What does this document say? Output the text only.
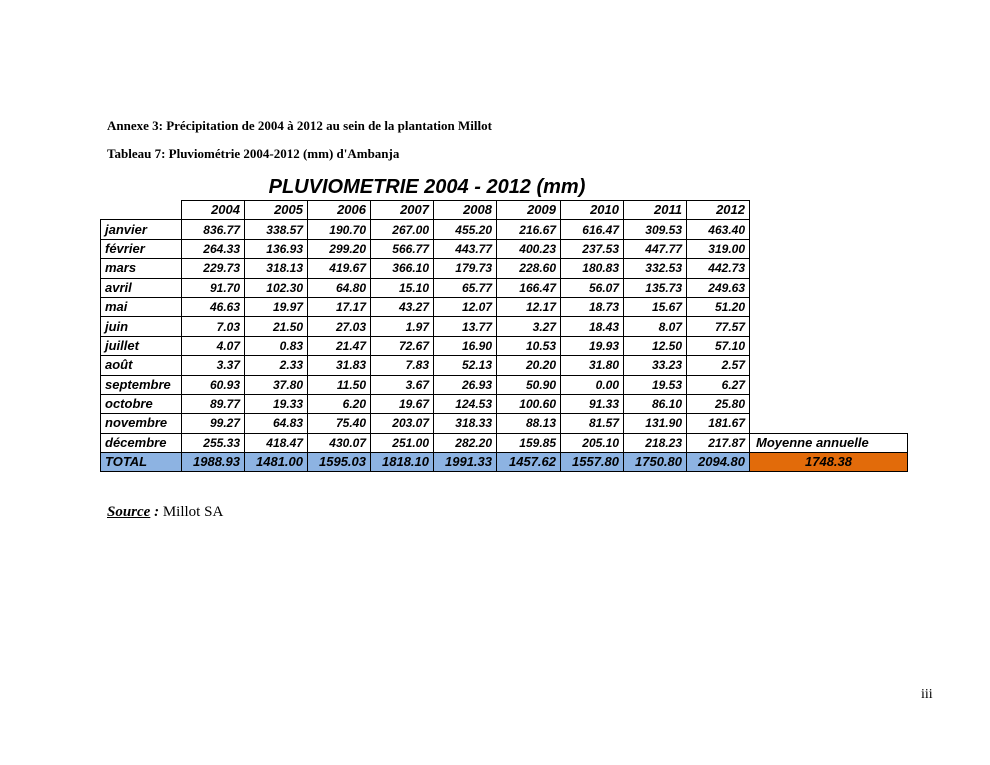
Annexe 3: Précipitation de 2004 à 2012 au sein de la plantation Millot
Tableau 7: Pluviométrie 2004-2012 (mm) d'Ambanja
PLUVIOMETRIE 2004 - 2012 (mm)
	2004	2005	2006	2007	2008	2009	2010	2011	2012	
janvier	836.77	338.57	190.70	267.00	455.20	216.67	616.47	309.53	463.40	
février	264.33	136.93	299.20	566.77	443.77	400.23	237.53	447.77	319.00	
mars	229.73	318.13	419.67	366.10	179.73	228.60	180.83	332.53	442.73	
avril	91.70	102.30	64.80	15.10	65.77	166.47	56.07	135.73	249.63	
mai	46.63	19.97	17.17	43.27	12.07	12.17	18.73	15.67	51.20	
juin	7.03	21.50	27.03	1.97	13.77	3.27	18.43	8.07	77.57	
juillet	4.07	0.83	21.47	72.67	16.90	10.53	19.93	12.50	57.10	
août	3.37	2.33	31.83	7.83	52.13	20.20	31.80	33.23	2.57	
septembre	60.93	37.80	11.50	3.67	26.93	50.90	0.00	19.53	6.27	
octobre	89.77	19.33	6.20	19.67	124.53	100.60	91.33	86.10	25.80	
novembre	99.27	64.83	75.40	203.07	318.33	88.13	81.57	131.90	181.67	
décembre	255.33	418.47	430.07	251.00	282.20	159.85	205.10	218.23	217.87	Moyenne annuelle
TOTAL	1988.93	1481.00	1595.03	1818.10	1991.33	1457.62	1557.80	1750.80	2094.80	1748.38
Source : Millot SA
iii
